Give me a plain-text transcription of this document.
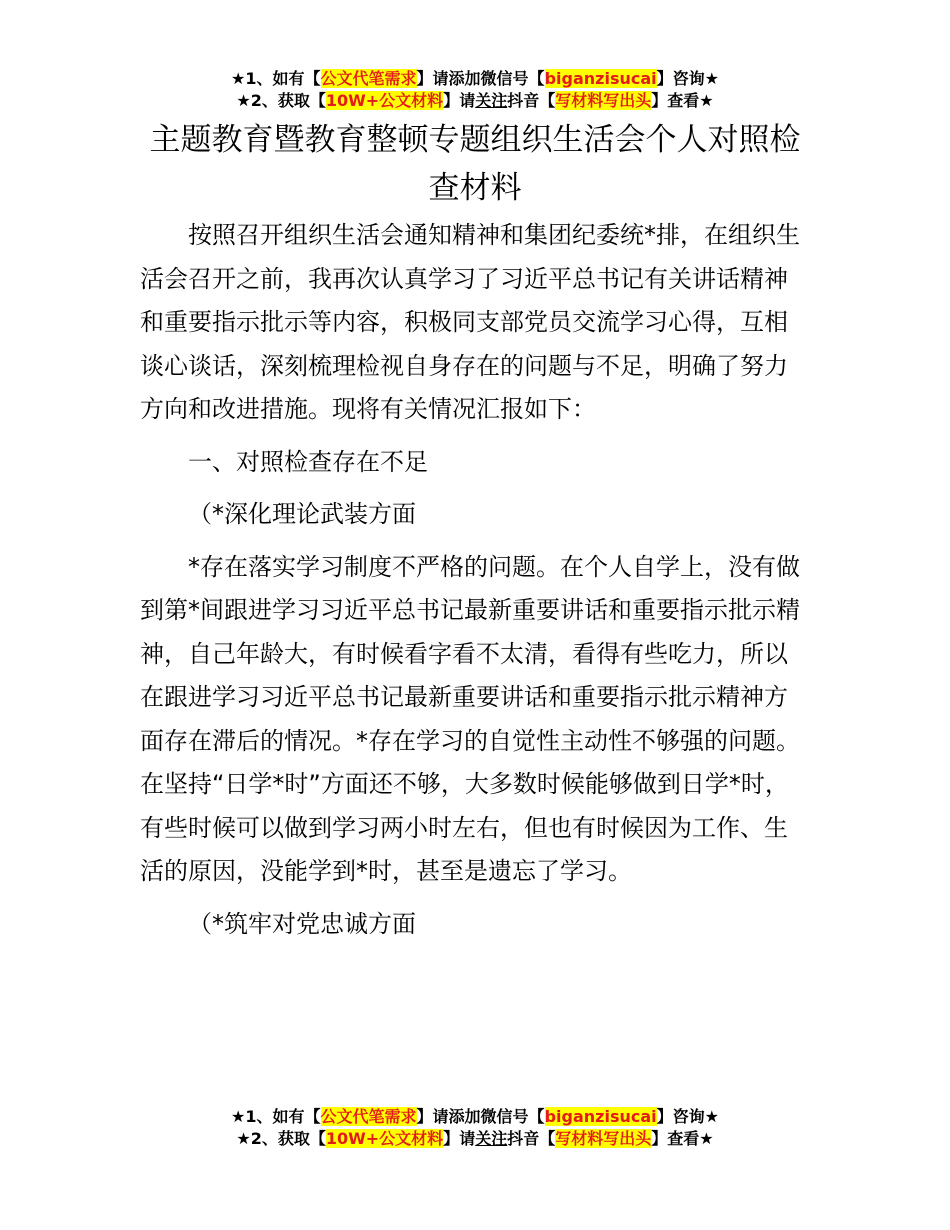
★1、如有【公文代笔需求】请添加微信号【biganzisucai】咨询★
★2、获取【10W+公文材料】请关注抖音【写材料写出头】查看★
主题教育暨教育整顿专题组织生活会个人对照检查材料

按照召开组织生活会通知精神和集团纪委统*排，在组织生活会召开之前，我再次认真学习了习近平总书记有关讲话精神和重要指示批示等内容，积极同支部党员交流学习心得，互相谈心谈话，深刻梳理检视自身存在的问题与不足，明确了努力方向和改进措施。现将有关情况汇报如下：

一、对照检查存在不足

（*深化理论武装方面

*存在落实学习制度不严格的问题。在个人自学上，没有做到第*间跟进学习习近平总书记最新重要讲话和重要指示批示精神，自己年龄大，有时候看字看不太清，看得有些吃力，所以在跟进学习习近平总书记最新重要讲话和重要指示批示精神方面存在滞后的情况。*存在学习的自觉性主动性不够强的问题。在坚持“日学*时”方面还不够，大多数时候能够做到日学*时，有些时候可以做到学习两小时左右，但也有时候因为工作、生活的原因，没能学到*时，甚至是遗忘了学习。

（*筑牢对党忠诚方面

★1、如有【公文代笔需求】请添加微信号【biganzisucai】咨询★
★2、获取【10W+公文材料】请关注抖音【写材料写出头】查看★
